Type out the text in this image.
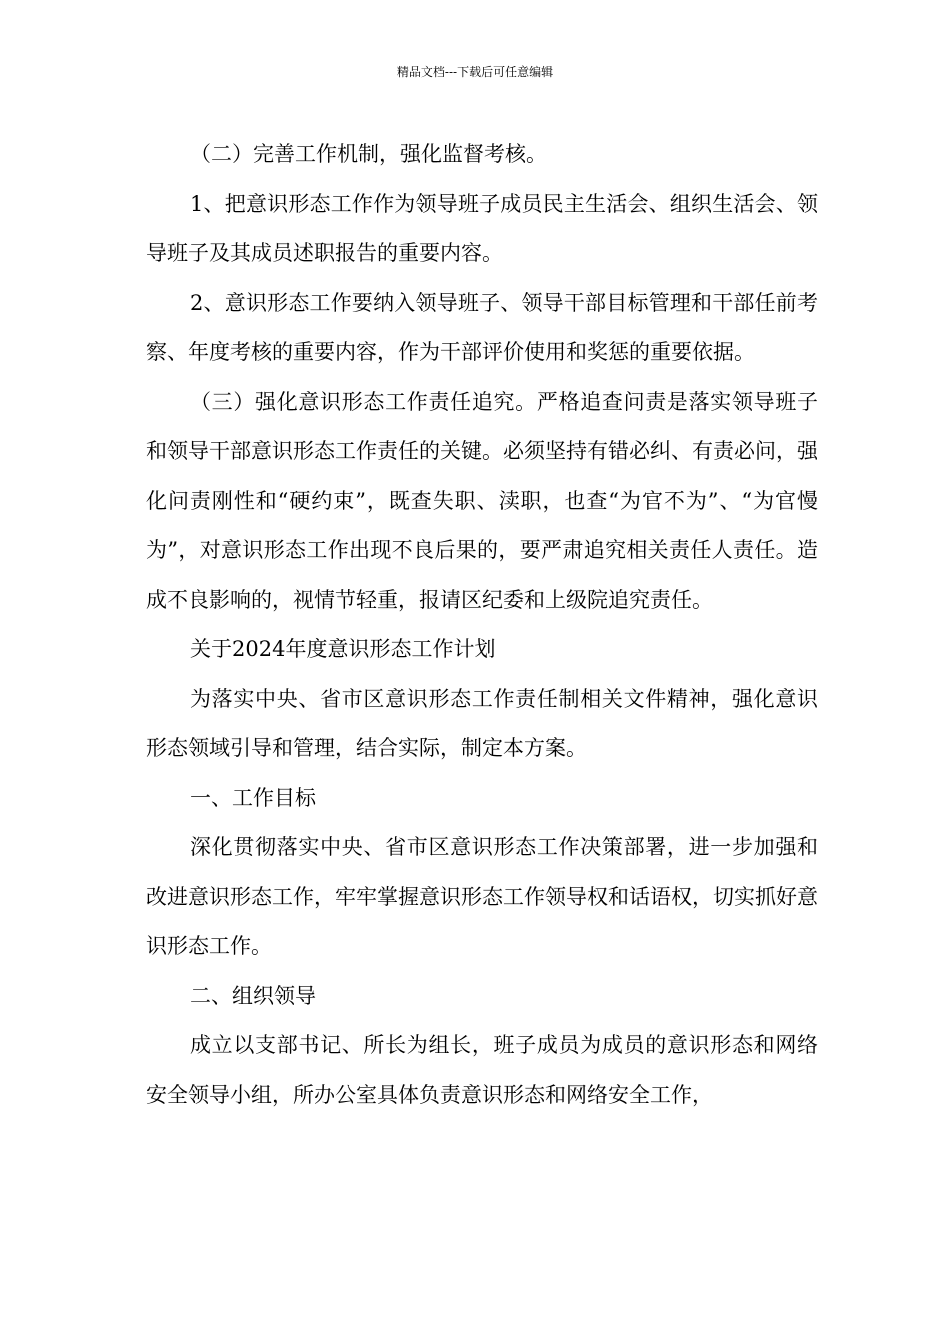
精品文档---下载后可任意编辑

（二）完善工作机制，强化监督考核。

1、把意识形态工作作为领导班子成员民主生活会、组织生活会、领导班子及其成员述职报告的重要内容。

2、意识形态工作要纳入领导班子、领导干部目标管理和干部任前考察、年度考核的重要内容，作为干部评价使用和奖惩的重要依据。

（三）强化意识形态工作责任追究。严格追查问责是落实领导班子和领导干部意识形态工作责任的关键。必须坚持有错必纠、有责必问，强化问责刚性和“硬约束”，既查失职、渎职，也查“为官不为”、“为官慢为”，对意识形态工作出现不良后果的，要严肃追究相关责任人责任。造成不良影响的，视情节轻重，报请区纪委和上级院追究责任。

关于2024年度意识形态工作计划

为落实中央、省市区意识形态工作责任制相关文件精神，强化意识形态领域引导和管理，结合实际，制定本方案。

一、工作目标

深化贯彻落实中央、省市区意识形态工作决策部署，进一步加强和改进意识形态工作，牢牢掌握意识形态工作领导权和话语权，切实抓好意识形态工作。

二、组织领导

成立以支部书记、所长为组长，班子成员为成员的意识形态和网络安全领导小组，所办公室具体负责意识形态和网络安全工作，
